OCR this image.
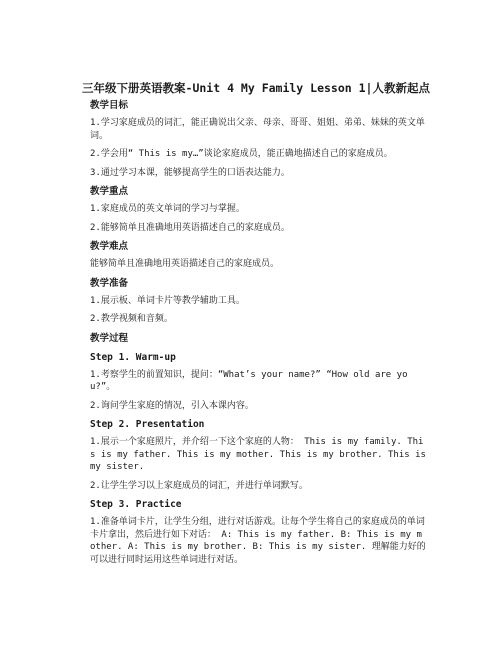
三年级下册英语教案-Unit 4 My Family Lesson 1|人教新起点
教学目标
1.学习家庭成员的词汇，能正确说出父亲、母亲、哥哥、姐姐、弟弟、妹妹的英文单词。
2.学会用“ This is my…”谈论家庭成员，能正确地描述自己的家庭成员。
3.通过学习本课，能够提高学生的口语表达能力。
教学重点
1.家庭成员的英文单词的学习与掌握。
2.能够简单且准确地用英语描述自己的家庭成员。
教学难点
能够简单且准确地用英语描述自己的家庭成员。
教学准备
1.展示板、单词卡片等教学辅助工具。
2.教学视频和音频。
教学过程
Step 1. Warm-up
1.考察学生的前置知识，提问：“What’s your name?” “How old are you?”。
2.询问学生家庭的情况，引入本课内容。
Step 2. Presentation
1.展示一个家庭照片，并介绍一下这个家庭的人物： This is my family. This is my father. This is my mother. This is my brother. This is my sister.
2.让学生学习以上家庭成员的词汇，并进行单词默写。
Step 3. Practice
1.准备单词卡片，让学生分组，进行对话游戏。让每个学生将自己的家庭成员的单词卡片拿出，然后进行如下对话： A: This is my father. B: This is my mother. A: This is my brother. B: This is my sister. 理解能力好的可以进行同时运用这些单词进行对话。
